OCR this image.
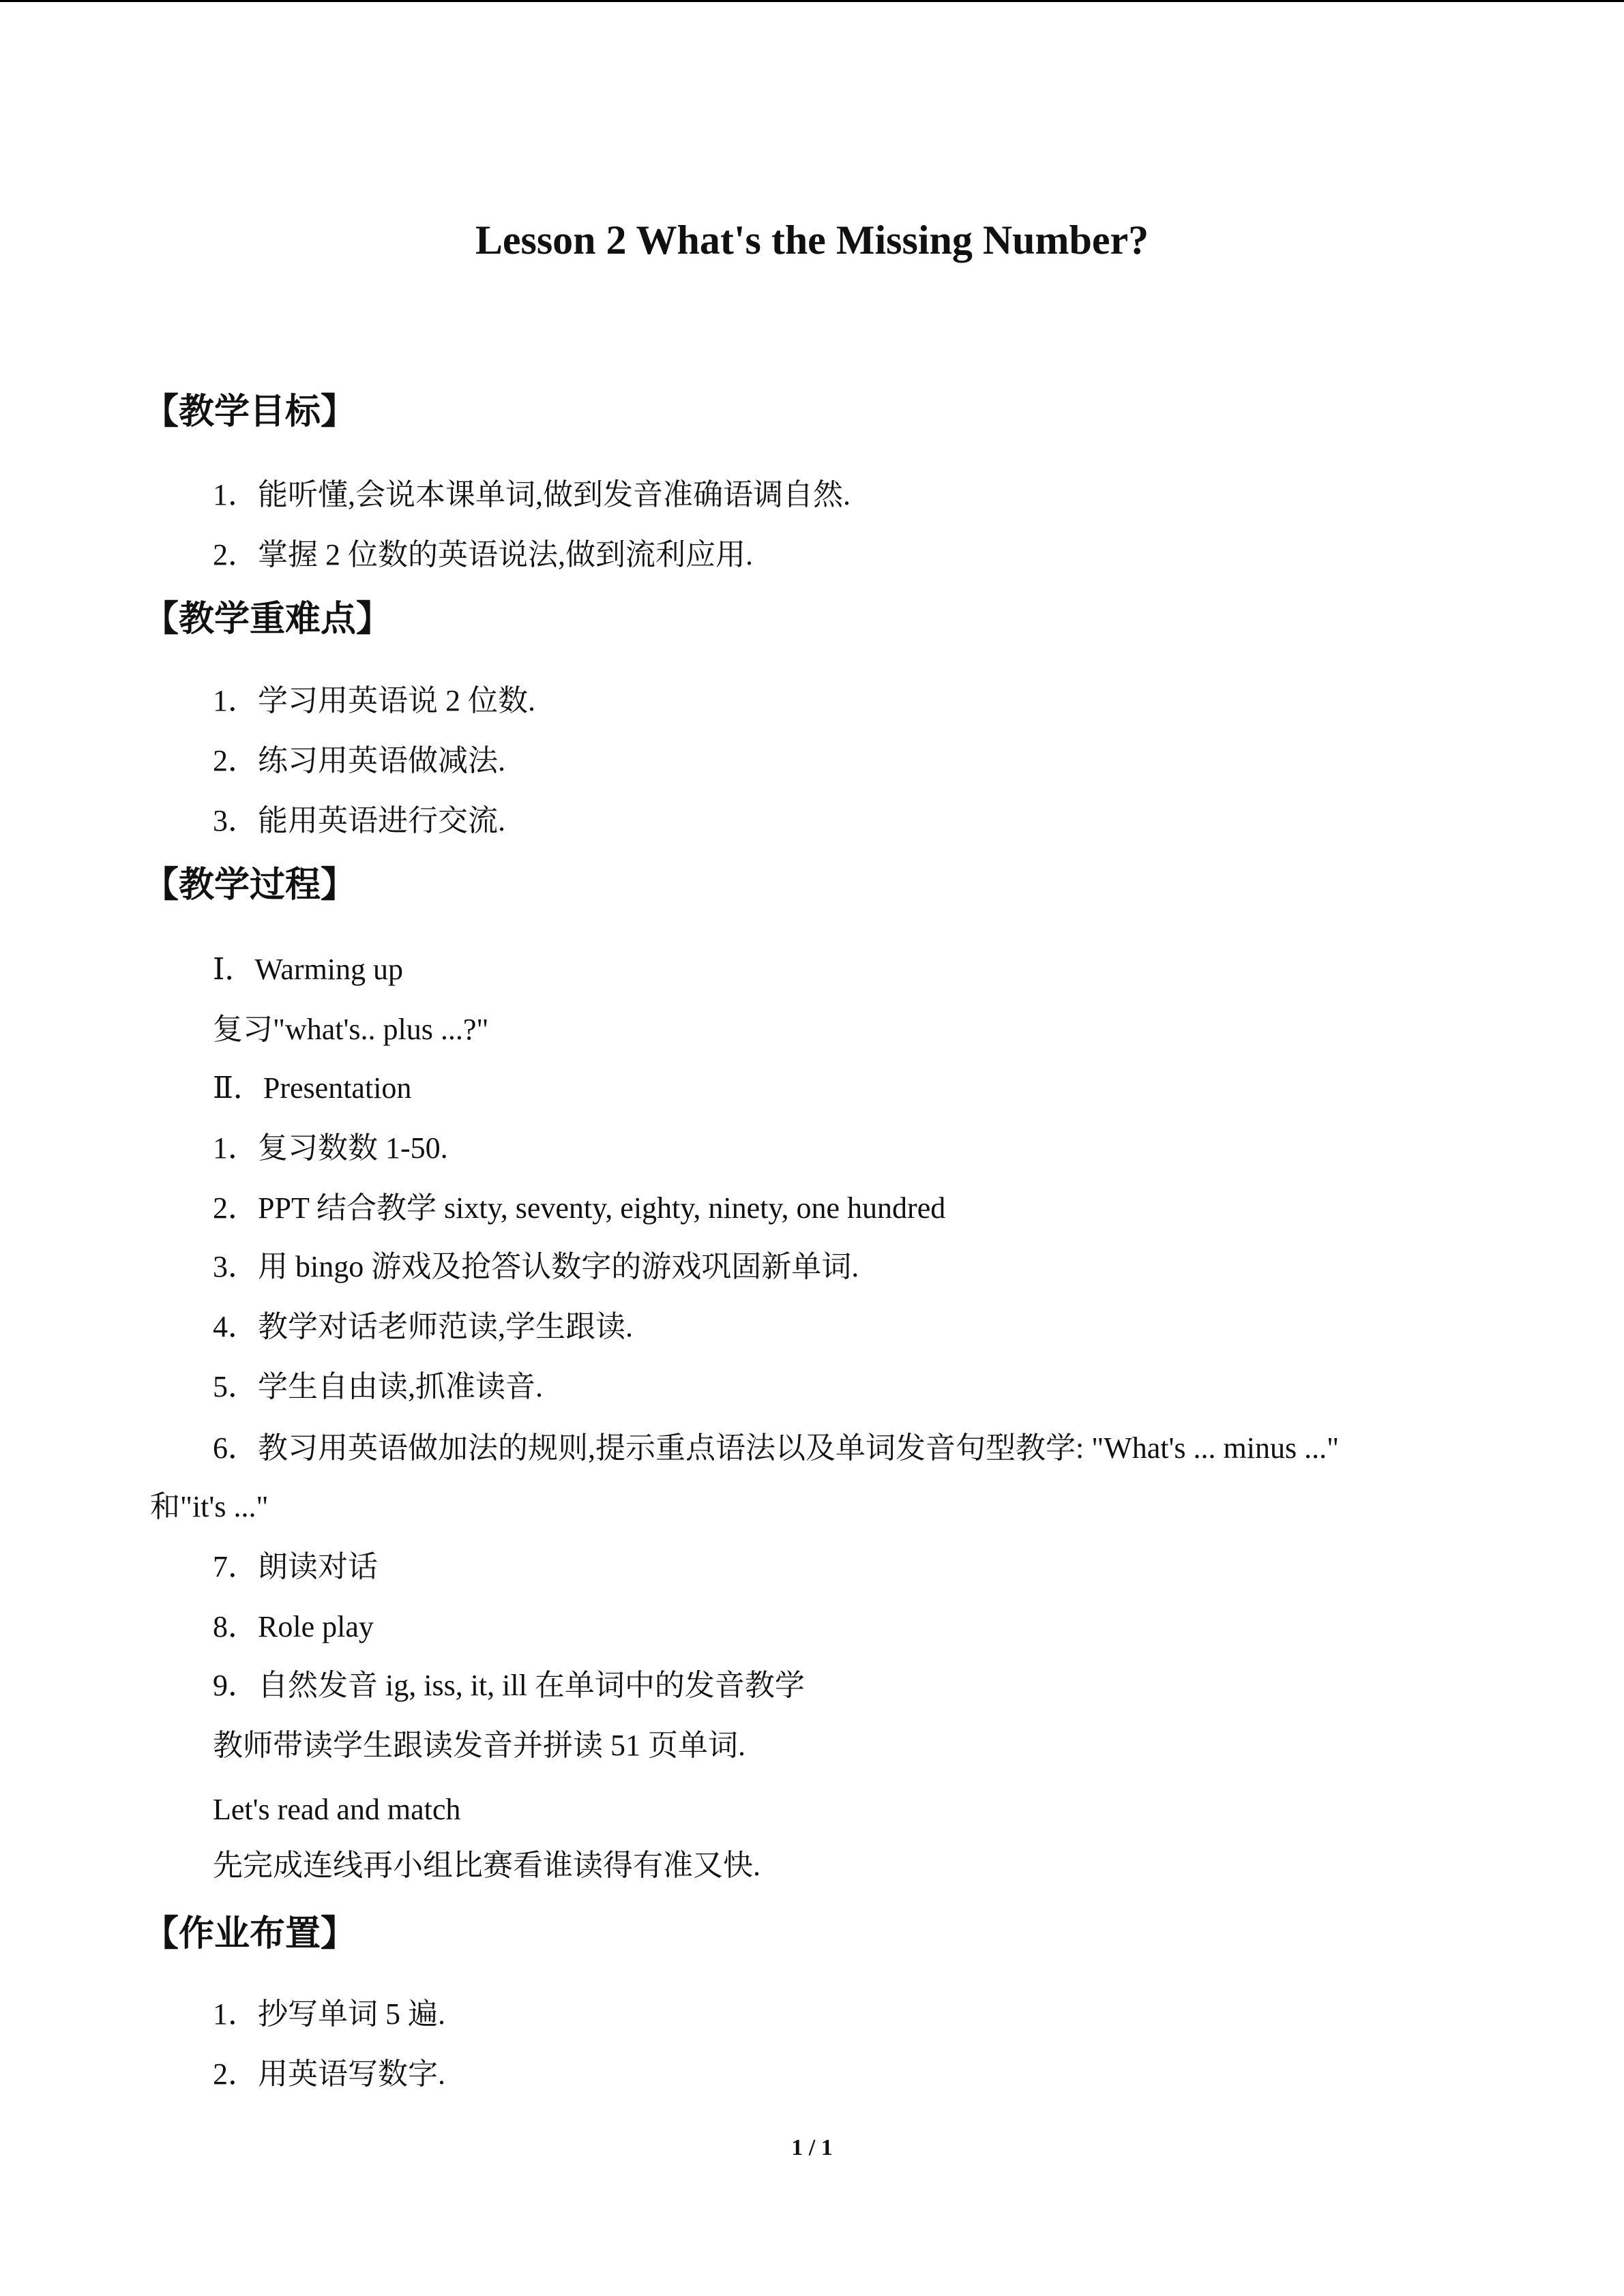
Lesson 2 What's the Missing Number?
【教学目标】
1．能听懂,会说本课单词,做到发音准确语调自然.
2．掌握 2 位数的英语说法,做到流利应用.
【教学重难点】
1．学习用英语说 2 位数.
2．练习用英语做减法.
3．能用英语进行交流.
【教学过程】
Ⅰ．Warming up
复习"what's.. plus ...?"
Ⅱ．Presentation
1．复习数数 1-50.
2．PPT 结合教学 sixty, seventy, eighty, ninety, one hundred
3．用 bingo 游戏及抢答认数字的游戏巩固新单词.
4．教学对话老师范读,学生跟读.
5．学生自由读,抓准读音.
6．教习用英语做加法的规则,提示重点语法以及单词发音句型教学: "What's ... minus ..."
和"it's ..."
7．朗读对话
8．Role play
9．自然发音 ig, iss, it, ill 在单词中的发音教学
教师带读学生跟读发音并拼读 51 页单词.
Let's read and match
先完成连线再小组比赛看谁读得有准又快.
【作业布置】
1．抄写单词 5 遍.
2．用英语写数字.
1 / 1
